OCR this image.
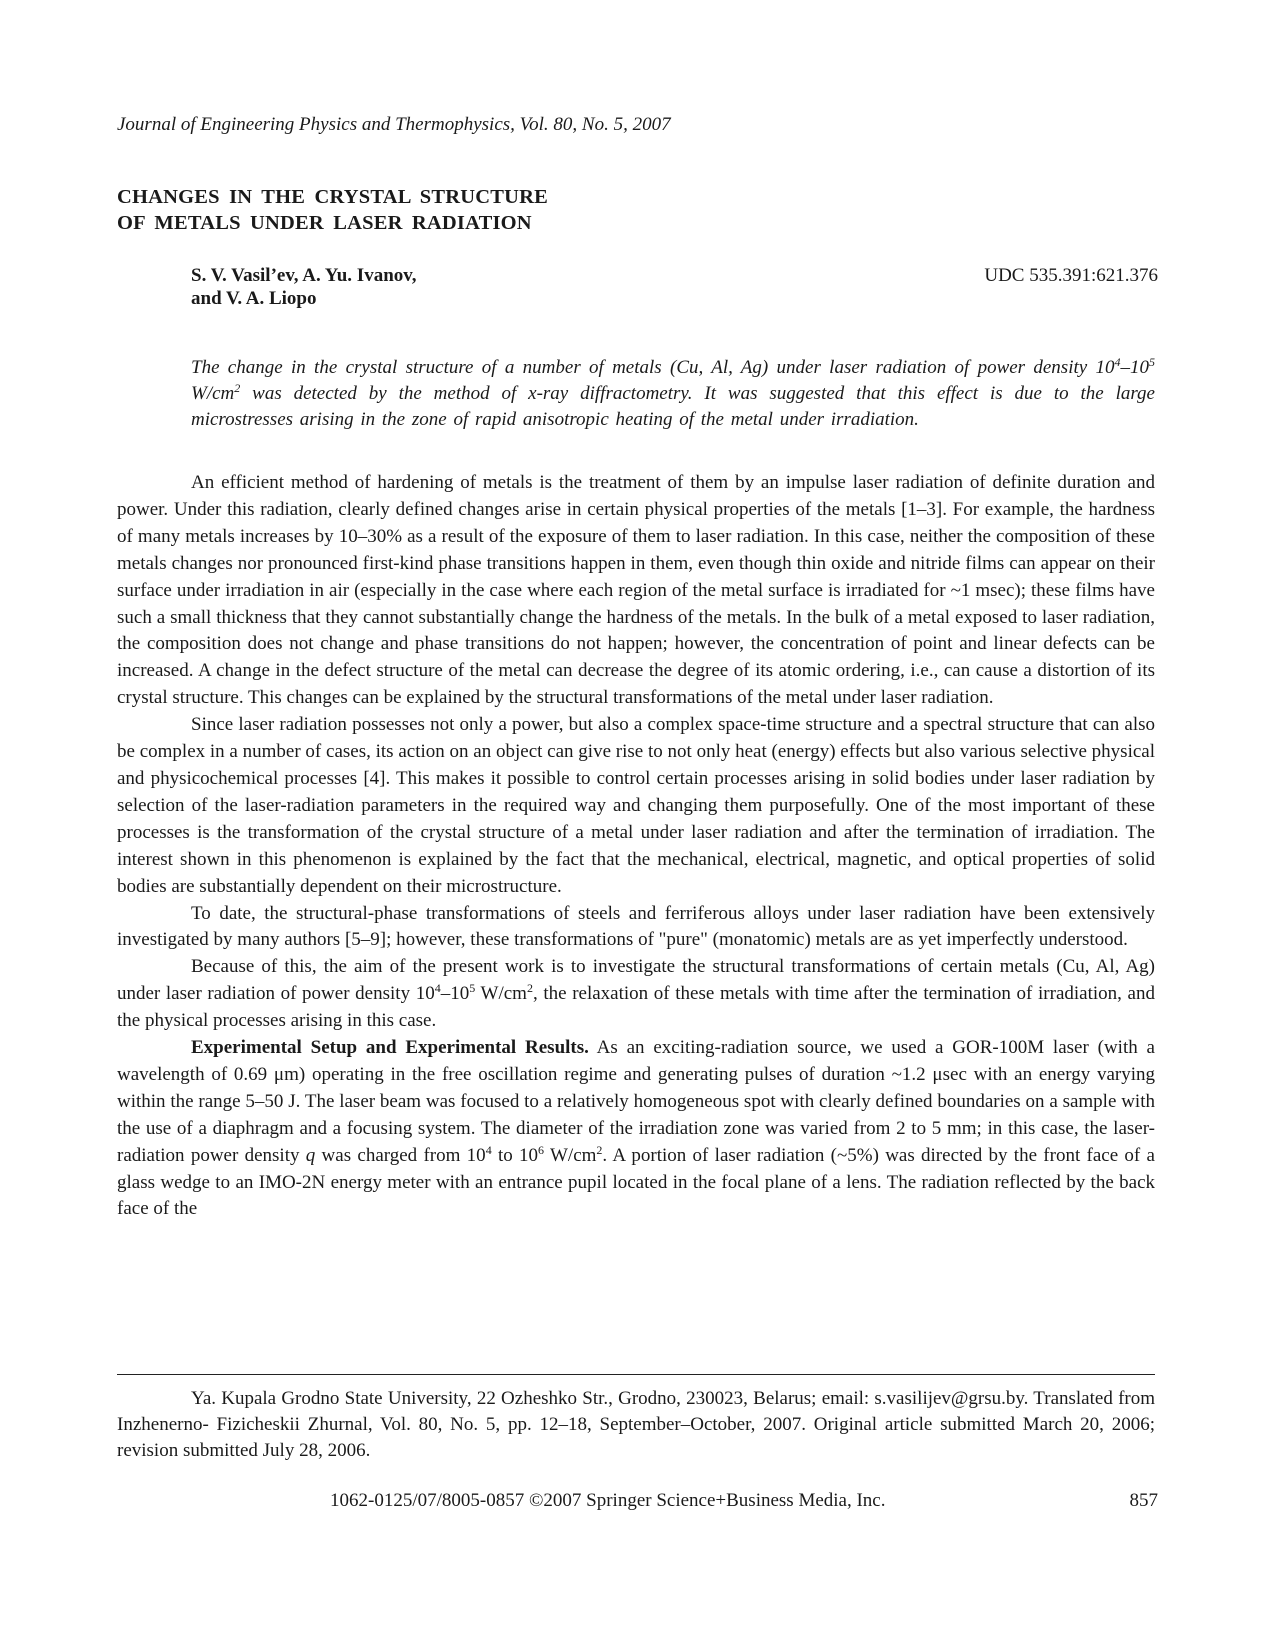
Journal of Engineering Physics and Thermophysics, Vol. 80, No. 5, 2007
CHANGES IN THE CRYSTAL STRUCTURE
OF METALS UNDER LASER RADIATION
S. V. Vasil’ev, A. Yu. Ivanov,
and V. A. Liopo
UDC 535.391:621.376
The change in the crystal structure of a number of metals (Cu, Al, Ag) under laser radiation of power density $10^4-10^5$ $W/cm^2$ was detected by the method of x-ray diffractometry. It was suggested that this effect is due to the large microstresses arising in the zone of rapid anisotropic heating of the metal under irradiation.

An efficient method of hardening of metals is the treatment of them by an impulse laser radiation of definite duration and power. Under this radiation, clearly defined changes arise in certain physical properties of the metals [1–3]. For example, the hardness of many metals increases by 10–30% as a result of the exposure of them to laser radiation. In this case, neither the composition of these metals changes nor pronounced first-kind phase transitions happen in them, even though thin oxide and nitride films can appear on their surface under irradiation in air (especially in the case where each region of the metal surface is irradiated for ~1 msec); these films have such a small thickness that they cannot substantially change the hardness of the metals. In the bulk of a metal exposed to laser radiation, the composition does not change and phase transitions do not happen; however, the concentration of point and linear defects can be increased. A change in the defect structure of the metal can decrease the degree of its atomic ordering, i.e., can cause a distortion of its crystal structure. This changes can be explained by the structural transformations of the metal under laser radiation.

Since laser radiation possesses not only a power, but also a complex space-time structure and a spectral structure that can also be complex in a number of cases, its action on an object can give rise to not only heat (energy) effects but also various selective physical and physicochemical processes [4]. This makes it possible to control certain processes arising in solid bodies under laser radiation by selection of the laser-radiation parameters in the required way and changing them purposefully. One of the most important of these processes is the transformation of the crystal structure of a metal under laser radiation and after the termination of irradiation. The interest shown in this phenomenon is explained by the fact that the mechanical, electrical, magnetic, and optical properties of solid bodies are substantially dependent on their microstructure.

To date, the structural-phase transformations of steels and ferriferous alloys under laser radiation have been extensively investigated by many authors [5–9]; however, these transformations of "pure" (monatomic) metals are as yet imperfectly understood.

Because of this, the aim of the present work is to investigate the structural transformations of certain metals (Cu, Al, Ag) under laser radiation of power density $10^4-10^5$ $W/cm^2$, the relaxation of these metals with time after the termination of irradiation, and the physical processes arising in this case.

Experimental Setup and Experimental Results. As an exciting-radiation source, we used a GOR-100M laser (with a wavelength of 0.69 μm) operating in the free oscillation regime and generating pulses of duration ~1.2 μsec with an energy varying within the range 5–50 J. The laser beam was focused to a relatively homogeneous spot with clearly defined boundaries on a sample with the use of a diaphragm and a focusing system. The diameter of the irradiation zone was varied from 2 to 5 mm; in this case, the laser-radiation power density q was charged from $10^4$ to $10^6$ $W/cm^2$. A portion of laser radiation (~5%) was directed by the front face of a glass wedge to an IMO-2N energy meter with an entrance pupil located in the focal plane of a lens. The radiation reflected by the back face of the

Ya. Kupala Grodno State University, 22 Ozheshko Str., Grodno, 230023, Belarus; email: s.vasilijev@grsu.by. Translated from Inzhenerno- Fizicheskii Zhurnal, Vol. 80, No. 5, pp. 12–18, September–October, 2007. Original article submitted March 20, 2006; revision submitted July 28, 2006.

1062-0125/07/8005-0857 ©2007 Springer Science+Business Media, Inc.	857
